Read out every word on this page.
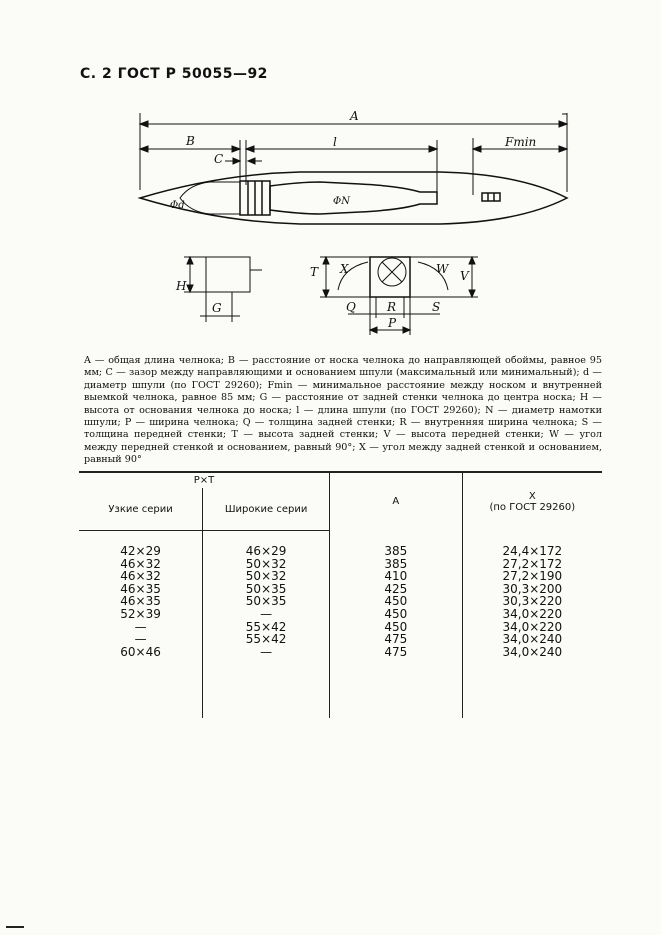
С. 2 ГОСТ Р 50055—92
A
B	l	Fmin
C
Φd	ΦN
H
G
T X	W V
Q	R	S
P

A — общая длина челнока; B — расстояние от носка челнока до направляющей обоймы, равное 95 мм; C — зазор между направляющими и основанием шпули (максимальный или минимальный); d — диаметр шпули (по ГОСТ 29260); Fmin — минимальное расстояние между носком и внутренней выемкой челнока, равное 85 мм; G — расстояние от задней стенки челнока до центра носка; H — высота от основания челнока до носка; l — длина шпули (по ГОСТ 29260); N — диаметр намотки шпули; P — ширина челнока; Q — толщина задней стенки; R — внутренняя ширина челнока; S — толщина передней стенки; T — высота задней стенки; V — высота передней стенки; W — угол между передней стенкой и основанием, равный 90°; X — угол между задней стенкой и основанием, равный 90°

P×T		A	X
(по ГОСТ 29260)
Узкие серии	Широкие серии		
42×29	46×29	385	24,4×172
46×32	50×32	385	27,2×172
46×32	50×32	410	27,2×190
46×35	50×35	425	30,3×200
46×35	50×35	450	30,3×220
52×39	—	450	34,0×220
—	55×42	450	34,0×220
—	55×42	475	34,0×240
60×46	—	475	34,0×240
